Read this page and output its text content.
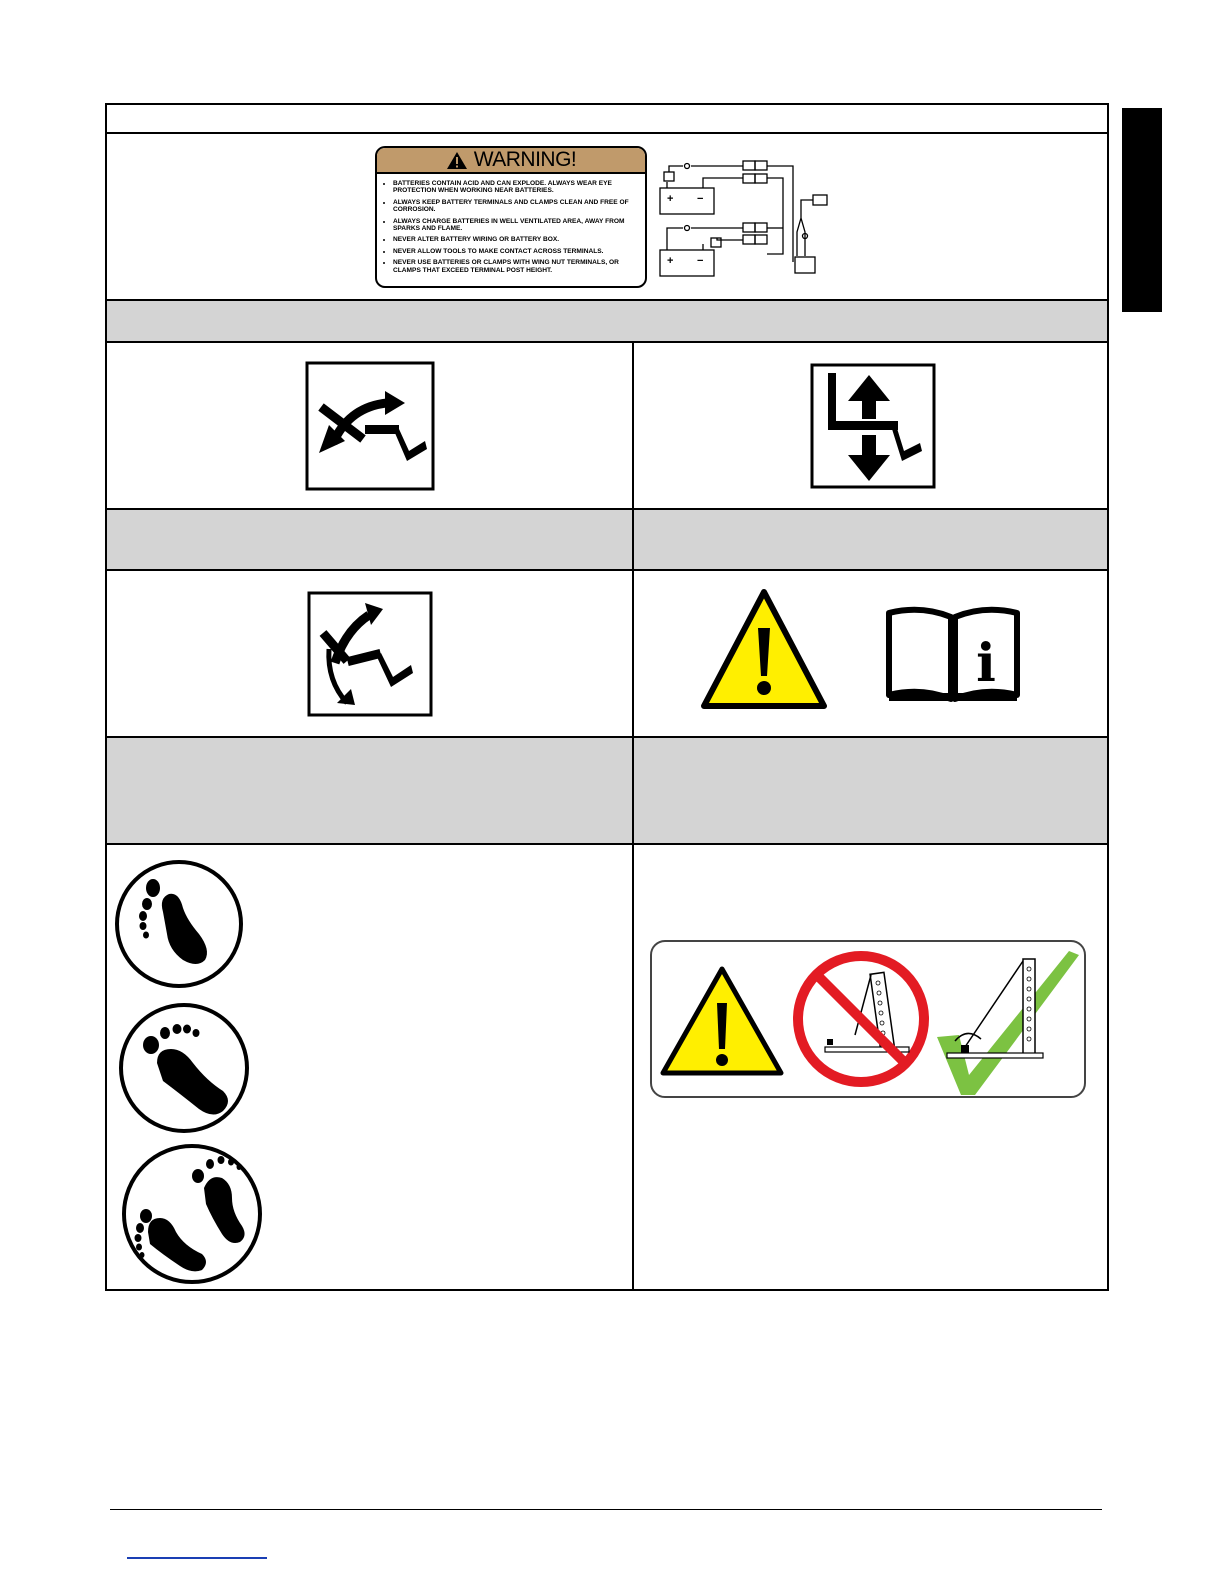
WARNING!
• BATTERIES CONTAIN ACID AND CAN EXPLODE. ALWAYS WEAR EYE PROTECTION WHEN WORKING NEAR BATTERIES.
• ALWAYS KEEP BATTERY TERMINALS AND CLAMPS CLEAN AND FREE OF CORROSION.
• ALWAYS CHARGE BATTERIES IN WELL VENTILATED AREA, AWAY FROM SPARKS AND FLAME.
• NEVER ALTER BATTERY WIRING OR BATTERY BOX.
• NEVER ALLOW TOOLS TO MAKE CONTACT ACROSS TERMINALS.
• NEVER USE BATTERIES OR CLAMPS WITH WING NUT TERMINALS, OR CLAMPS THAT EXCEED TERMINAL POST HEIGHT.
+ −
+ −
i
